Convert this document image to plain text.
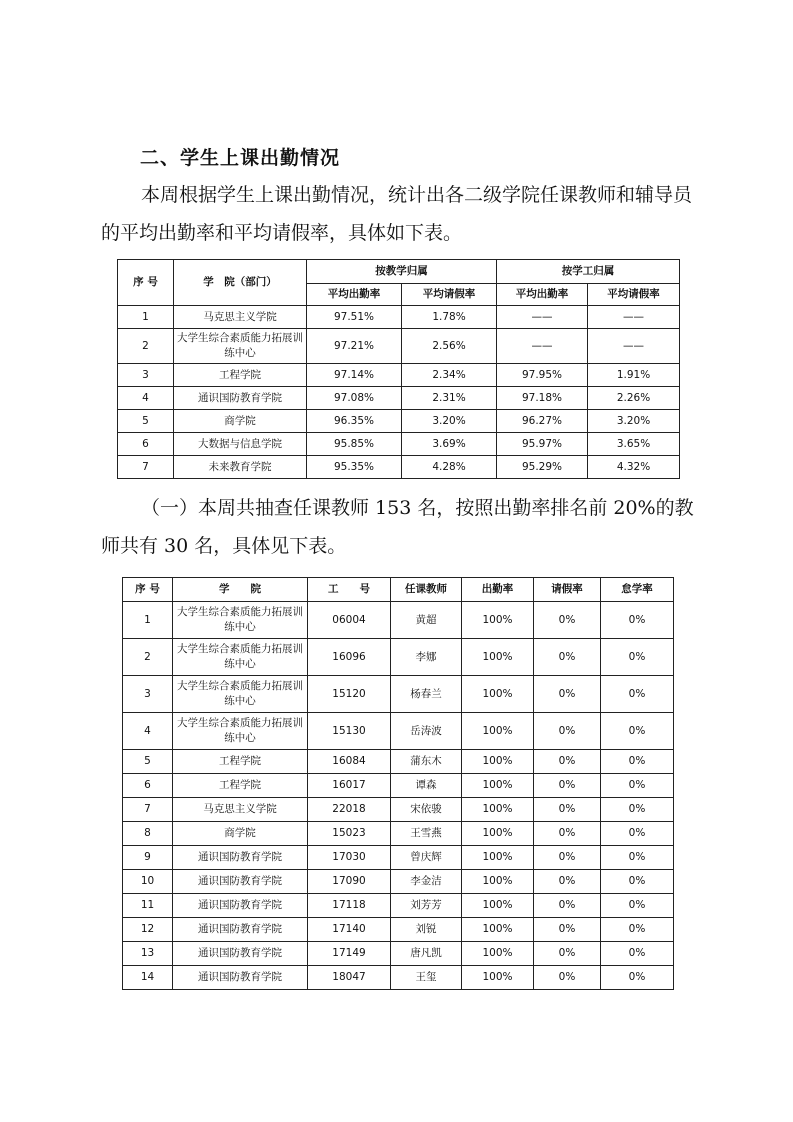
二、学生上课出勤情况
本周根据学生上课出勤情况，统计出各二级学院任课教师和辅导员的平均出勤率和平均请假率，具体如下表。
序 号	学　院（部门）	按教学归属		按学工归属	
		平均出勤率	平均请假率	平均出勤率	平均请假率
1	马克思主义学院	97.51%	1.78%	——	——
2	大学生综合素质能力拓展训练中心	97.21%	2.56%	——	——
3	工程学院	97.14%	2.34%	97.95%	1.91%
4	通识国防教育学院	97.08%	2.31%	97.18%	2.26%
5	商学院	96.35%	3.20%	96.27%	3.20%
6	大数据与信息学院	95.85%	3.69%	95.97%	3.65%
7	未来教育学院	95.35%	4.28%	95.29%	4.32%
（一）本周共抽查任课教师 153 名，按照出勤率排名前 20%的教师共有 30 名，具体见下表。
序 号	学　　院	工　　号	任课教师	出勤率	请假率	怠学率
1	大学生综合素质能力拓展训练中心	06004	黄超	100%	0%	0%
2	大学生综合素质能力拓展训练中心	16096	李娜	100%	0%	0%
3	大学生综合素质能力拓展训练中心	15120	杨春兰	100%	0%	0%
4	大学生综合素质能力拓展训练中心	15130	岳涛波	100%	0%	0%
5	工程学院	16084	蒲东木	100%	0%	0%
6	工程学院	16017	谭森	100%	0%	0%
7	马克思主义学院	22018	宋依骏	100%	0%	0%
8	商学院	15023	王雪燕	100%	0%	0%
9	通识国防教育学院	17030	曾庆辉	100%	0%	0%
10	通识国防教育学院	17090	李金洁	100%	0%	0%
11	通识国防教育学院	17118	刘芳芳	100%	0%	0%
12	通识国防教育学院	17140	刘锐	100%	0%	0%
13	通识国防教育学院	17149	唐凡凯	100%	0%	0%
14	通识国防教育学院	18047	王玺	100%	0%	0%
